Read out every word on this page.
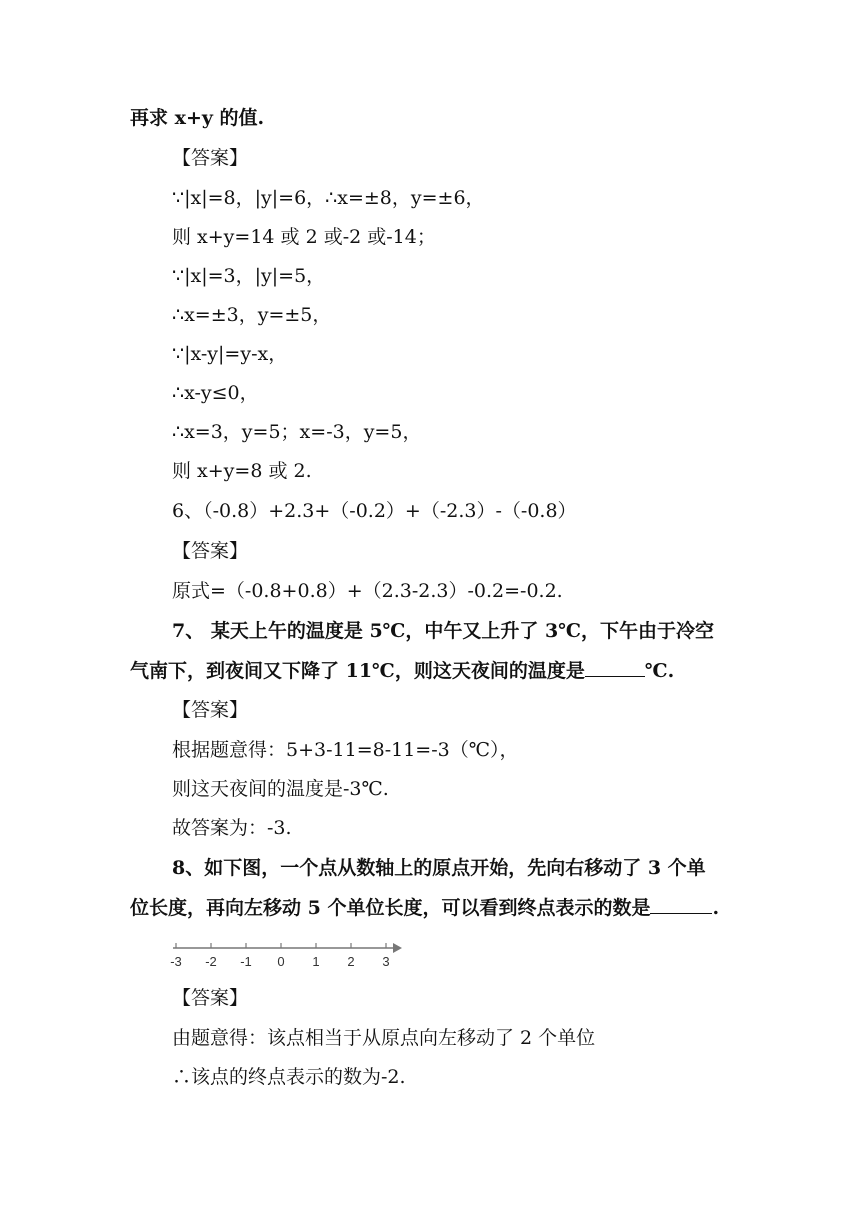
再求 x+y 的值.
【答案】
∵|x|=8，|y|=6，∴x=±8，y=±6，
则 x+y=14 或 2 或-2 或-14；
∵|x|=3，|y|=5，
∴x=±3，y=±5，
∵|x-y|=y-x，
∴x-y≤0，
∴x=3，y=5；x=-3，y=5，
则 x+y=8 或 2.
6、（-0.8）+2.3+（-0.2）+（-2.3）-（-0.8）
【答案】
原式=（-0.8+0.8）+（2.3-2.3）-0.2=-0.2.
7、 某天上午的温度是 5℃，中午又上升了 3℃，下午由于冷空
气南下，到夜间又下降了 11℃，则这天夜间的温度是	℃.
【答案】
根据题意得：5+3-11=8-11=-3（℃），
则这天夜间的温度是-3℃.
故答案为：-3.
8、如下图，一个点从数轴上的原点开始，先向右移动了 3 个单
位长度，再向左移动 5 个单位长度，可以看到终点表示的数是	.
-3 -2 -1 0 1 2 3
【答案】
由题意得：该点相当于从原点向左移动了 2 个单位
∴该点的终点表示的数为-2.
